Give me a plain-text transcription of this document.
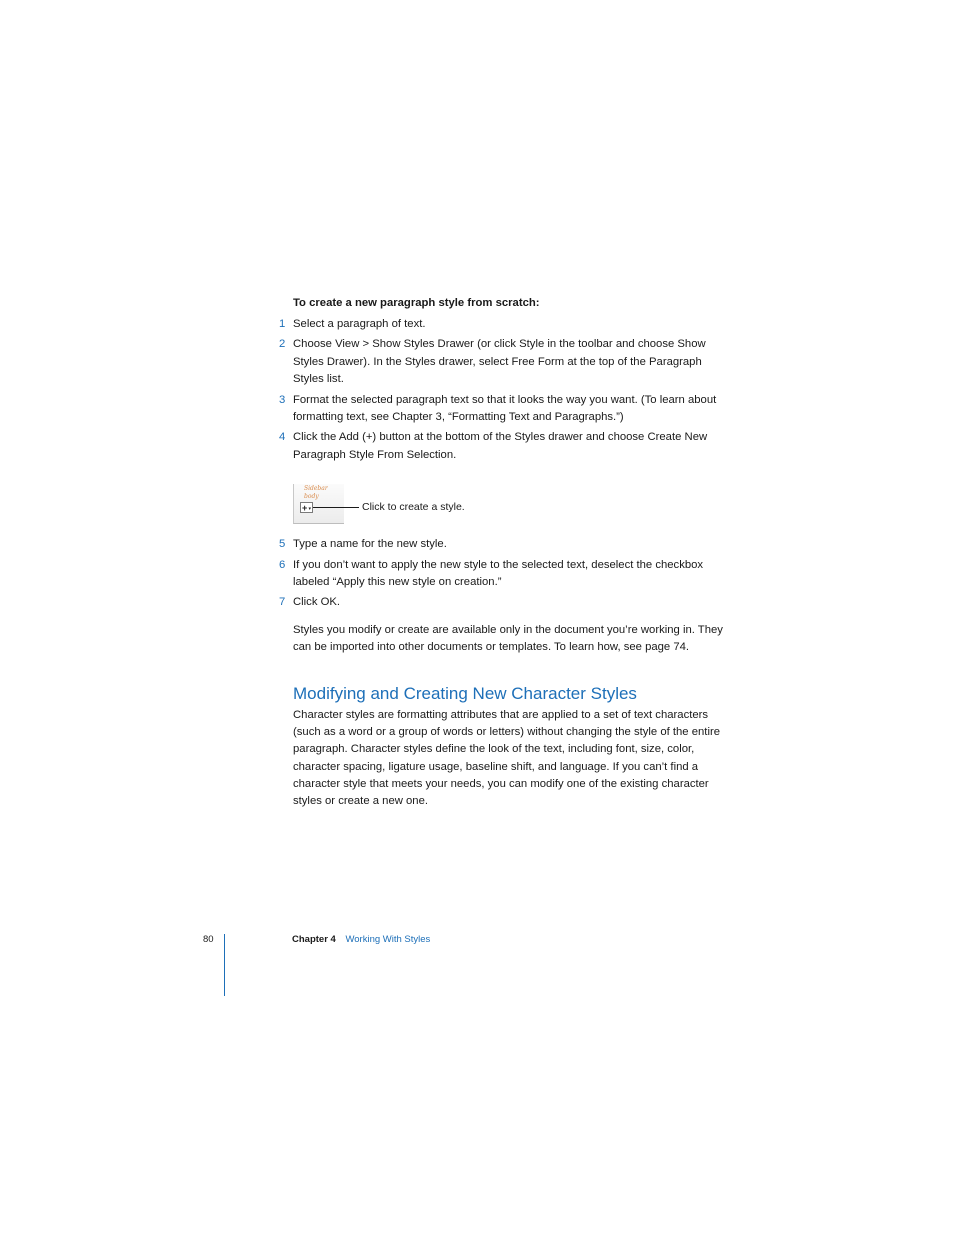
To create a new paragraph style from scratch:

1 Select a paragraph of text.
2 Choose View > Show Styles Drawer (or click Style in the toolbar and choose Show Styles Drawer). In the Styles drawer, select Free Form at the top of the Paragraph Styles list.
3 Format the selected paragraph text so that it looks the way you want. (To learn about formatting text, see Chapter 3, “Formatting Text and Paragraphs.”)
4 Click the Add (+) button at the bottom of the Styles drawer and choose Create New Paragraph Style From Selection.
Sidebar body
+ ▾	Click to create a style.
5 Type a name for the new style.
6 If you don’t want to apply the new style to the selected text, deselect the checkbox labeled “Apply this new style on creation.”
7 Click OK.

Styles you modify or create are available only in the document you’re working in. They can be imported into other documents or templates. To learn how, see page 74.

Modifying and Creating New Character Styles

Character styles are formatting attributes that are applied to a set of text characters (such as a word or a group of words or letters) without changing the style of the entire paragraph. Character styles define the look of the text, including font, size, color, character spacing, ligature usage, baseline shift, and language. If you can’t find a character style that meets your needs, you can modify one of the existing character styles or create a new one.

80	Chapter 4 Working With Styles
